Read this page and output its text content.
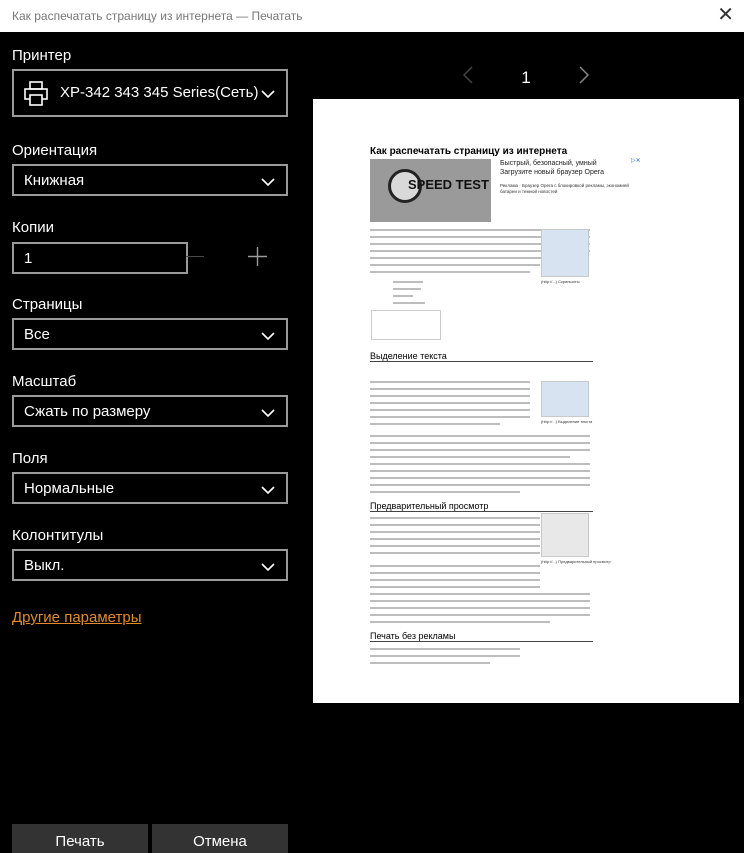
Как распечатать страницу из интернета — Печатать	✕
Принтер
XP-342 343 345 Series(Сеть)
Ориентация
Книжная
Копии
1
Страницы
Все
Масштаб
Сжать по размеру
Поля
Нормальные
Колонтитулы
Выкл.
Другие параметры
Печать	Отмена
1
Как распечатать страницу из интернета
SPEED TEST
Быстрый, безопасный, умный Загрузите новый браузер Opera
Реклама · Браузер Opera с блокировкой рекламы, экономией батареи и темной новостей
▷✕
(http://...) Скриншоты
Выделение текста
(http://...) Выделение текста
Предварительный просмотр
(http://...) Предварительный просмотр
Печать без рекламы
